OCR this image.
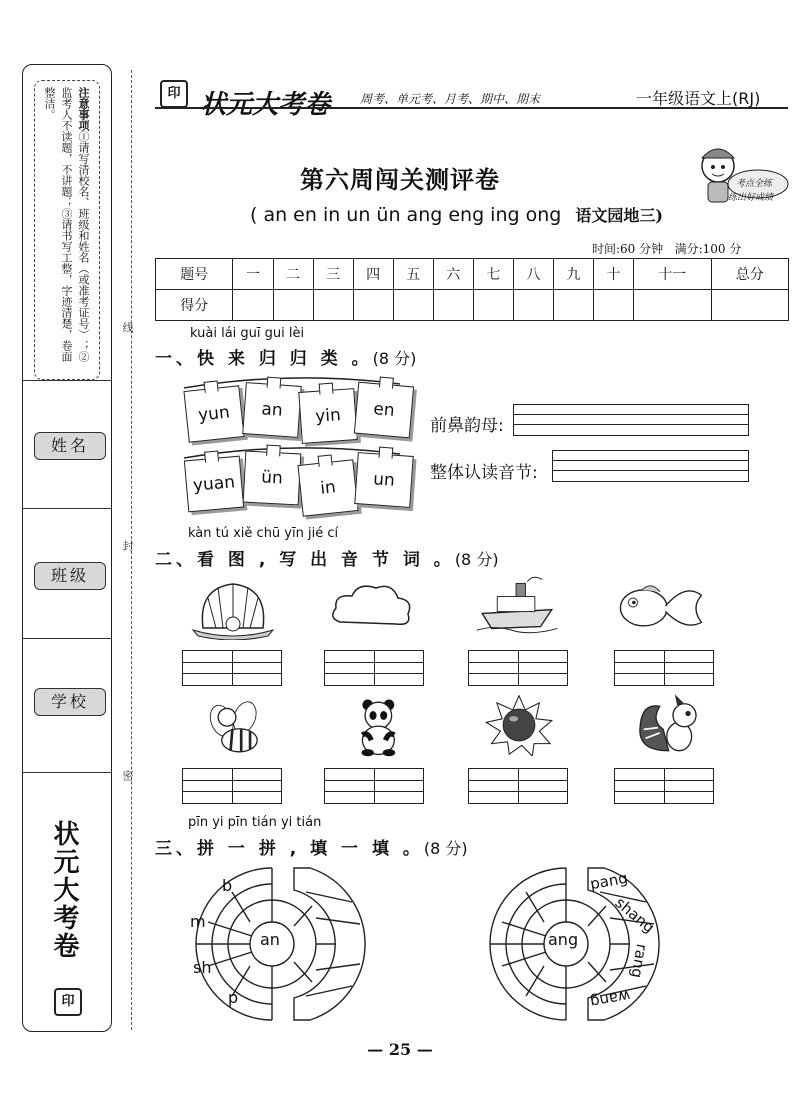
注意事项①请写清校名、班级和姓名（或准考证号）；②监考人不读题，不讲题；③请书写工整，字迹清楚，卷面整洁。
姓名
班级
学校
状元大考卷
印
线
封
密
印 状元大考卷 周考、单元考、月考、期中、期末	一年级语文上(RJ)
第六周闯关测评卷
( an en in un ün ang eng ing ong 语文园地三)
考点全练
练出好成绩
时间:60 分钟 满分:100 分
题号	一	二	三	四	五	六	七	八	九	十	十一	总分
得分												
kuài lái guī gui lèi
一、快 来 归 归 类 。(8 分)
yun	an	yin	en
yuan	ün	in	un
前鼻韵母:
整体认读音节:
kàn tú xiě chū yīn jié cí
二、看 图 , 写 出 音 节 词 。(8 分)
pīn yi pīn tián yi tián
三、拼 一 拼 , 填 一 填 。(8 分)
an
b
m
sh
p
ang
pang
shang
rang
wang
— 25 —
